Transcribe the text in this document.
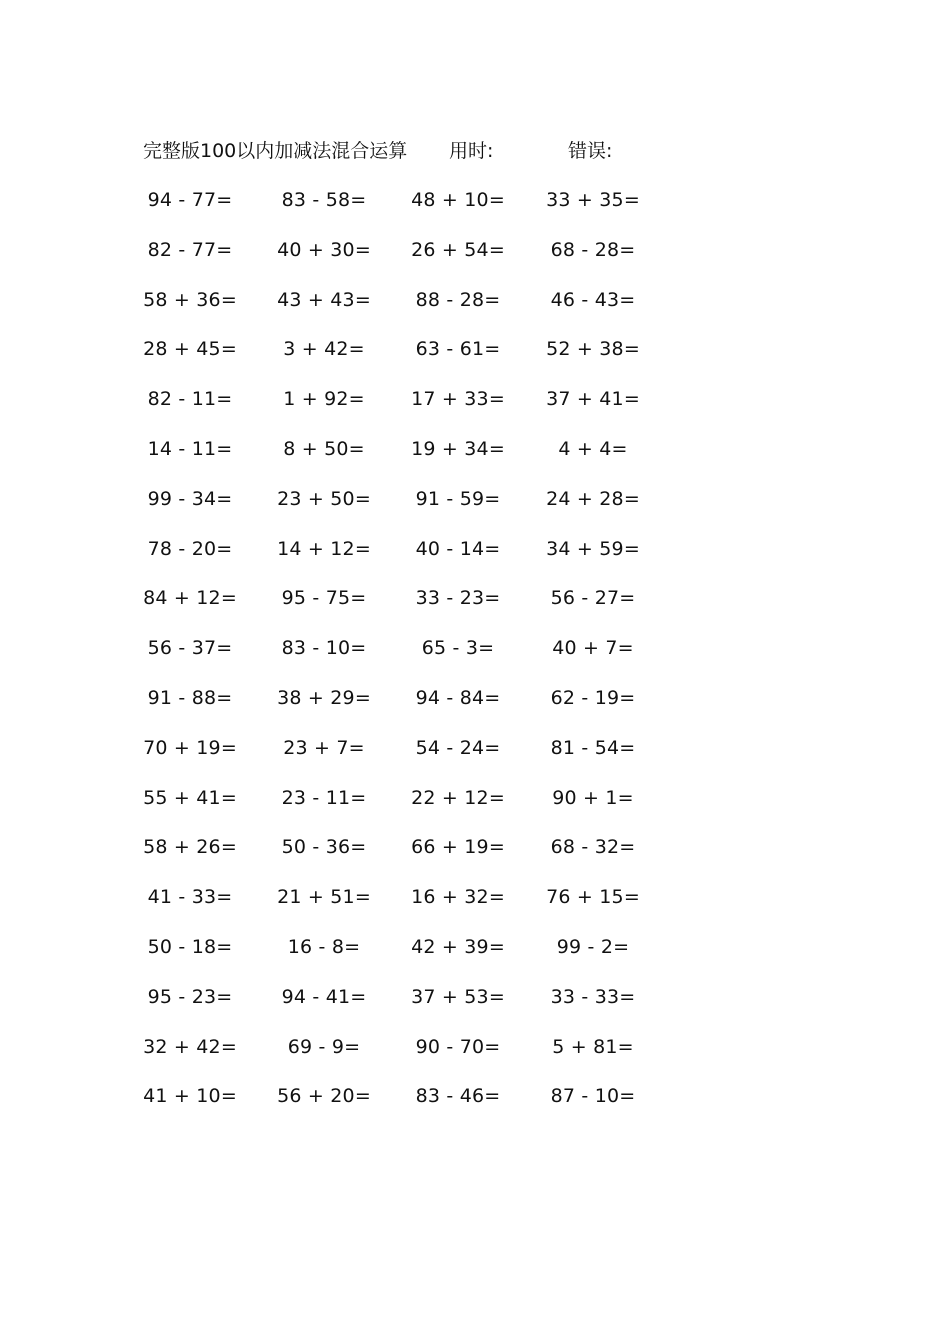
完整版100以内加减法混合运算 用时:	错误:
94 - 77=	83 - 58= 48 + 10= 33 + 35=
82 - 77= 40 + 30= 26 + 54= 68 - 28=
58 + 36= 43 + 43= 88 - 28=	46 - 43=
28 + 45= 3 + 42=	63 - 61= 52 + 38=
82 - 11=	1 + 92= 17 + 33= 37 + 41=
14 - 11=	8 + 50= 19 + 34=	4 + 4=
99 - 34= 23 + 50= 91 - 59= 24 + 28=
78 - 20= 14 + 12= 40 - 14= 34 + 59=
84 + 12= 95 - 75=	33 - 23=	56 - 27=
56 - 37=	83 - 10=	65 - 3=	40 + 7=
91 - 88= 38 + 29= 94 - 84=	62 - 19=
70 + 19= 23 + 7=	54 - 24=	81 - 54=
55 + 41= 23 - 11= 22 + 12= 90 + 1=
58 + 26= 50 - 36= 66 + 19= 68 - 32=
41 - 33= 21 + 51= 16 + 32= 76 + 15=
50 - 18=	16 - 8=	42 + 39=	99 - 2=
95 - 23=	94 - 41= 37 + 53= 33 - 33=
32 + 42=	69 - 9=	90 - 70=	5 + 81=
41 + 10= 56 + 20= 83 - 46=	87 - 10=
